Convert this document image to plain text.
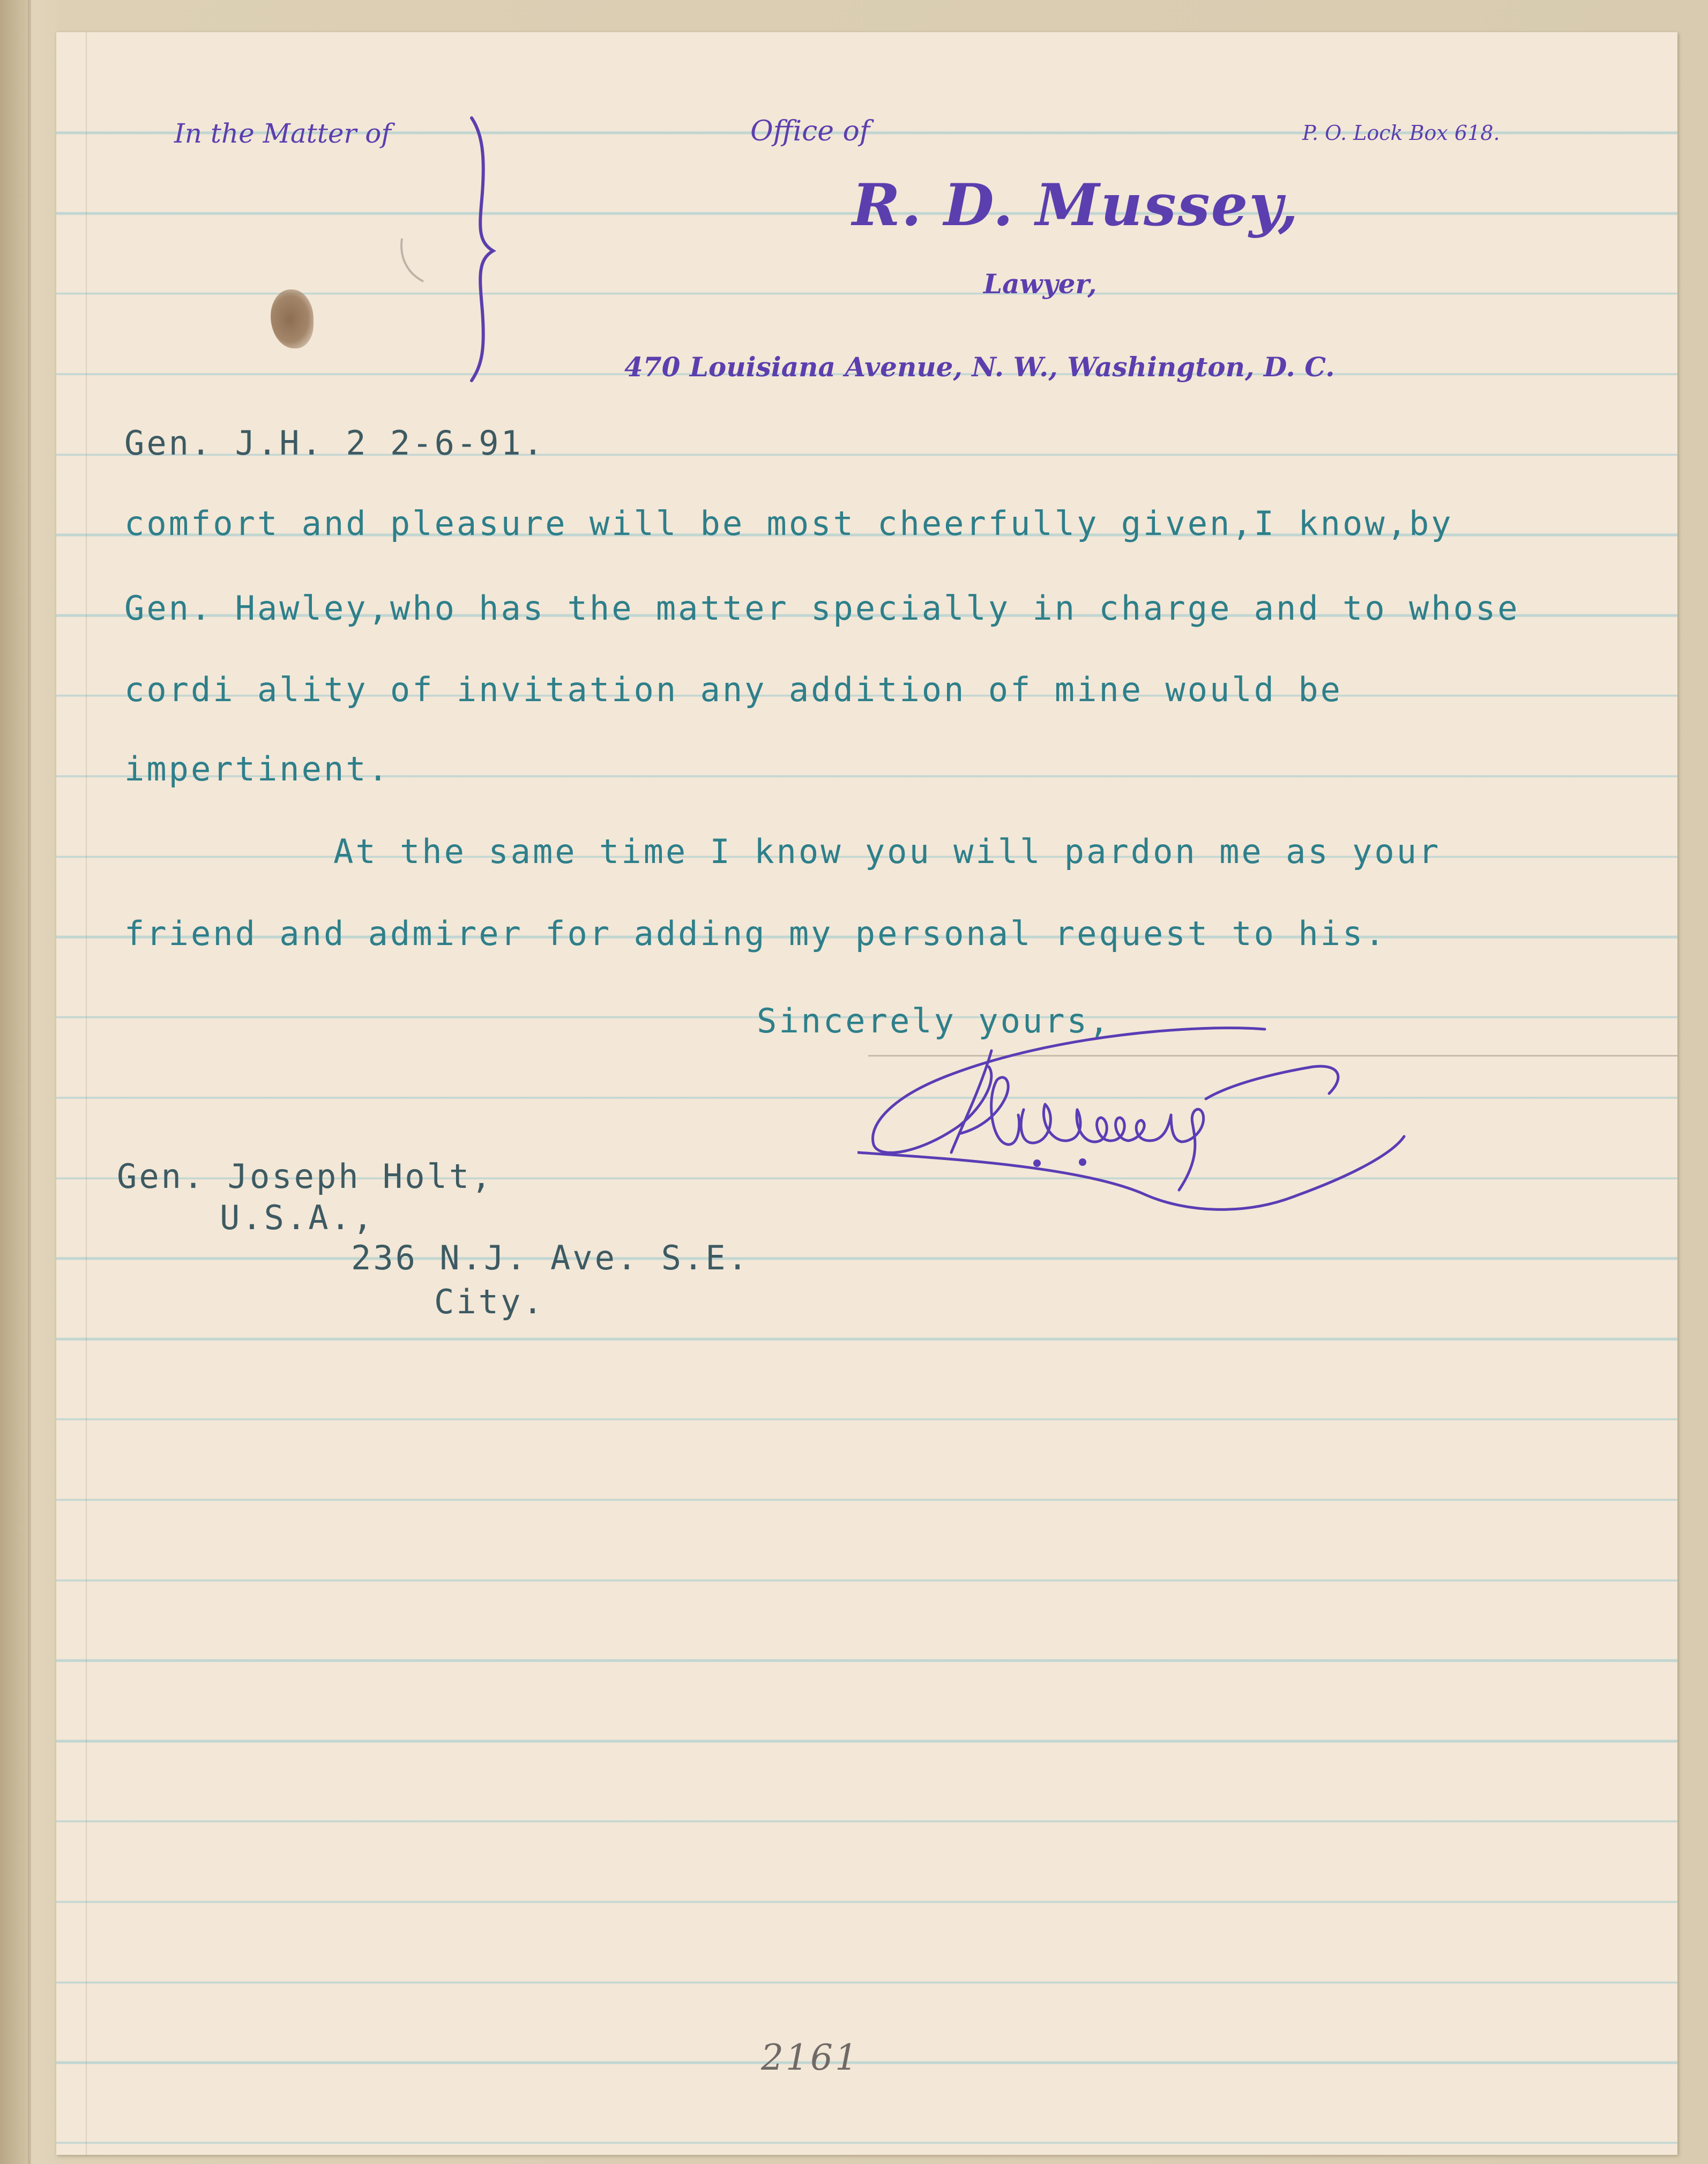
In the Matter of	Office of	P. O. Lock Box 618.
R. D. Mussey,
Lawyer,
470 Louisiana Avenue, N. W., Washington, D. C.
Gen. J.H. 2 2-6-91.
comfort and pleasure will be most cheerfully given,I know,by
Gen. Hawley,who has the matter specially in charge and to whose
cordi ality of invitation any addition of mine would be
impertinent.
At the same time I know you will pardon me as your
friend and admirer for adding my personal request to his.
Sincerely yours,
Gen. Joseph Holt,
U.S.A.,
236 N.J. Ave. S.E.
City.
2161
